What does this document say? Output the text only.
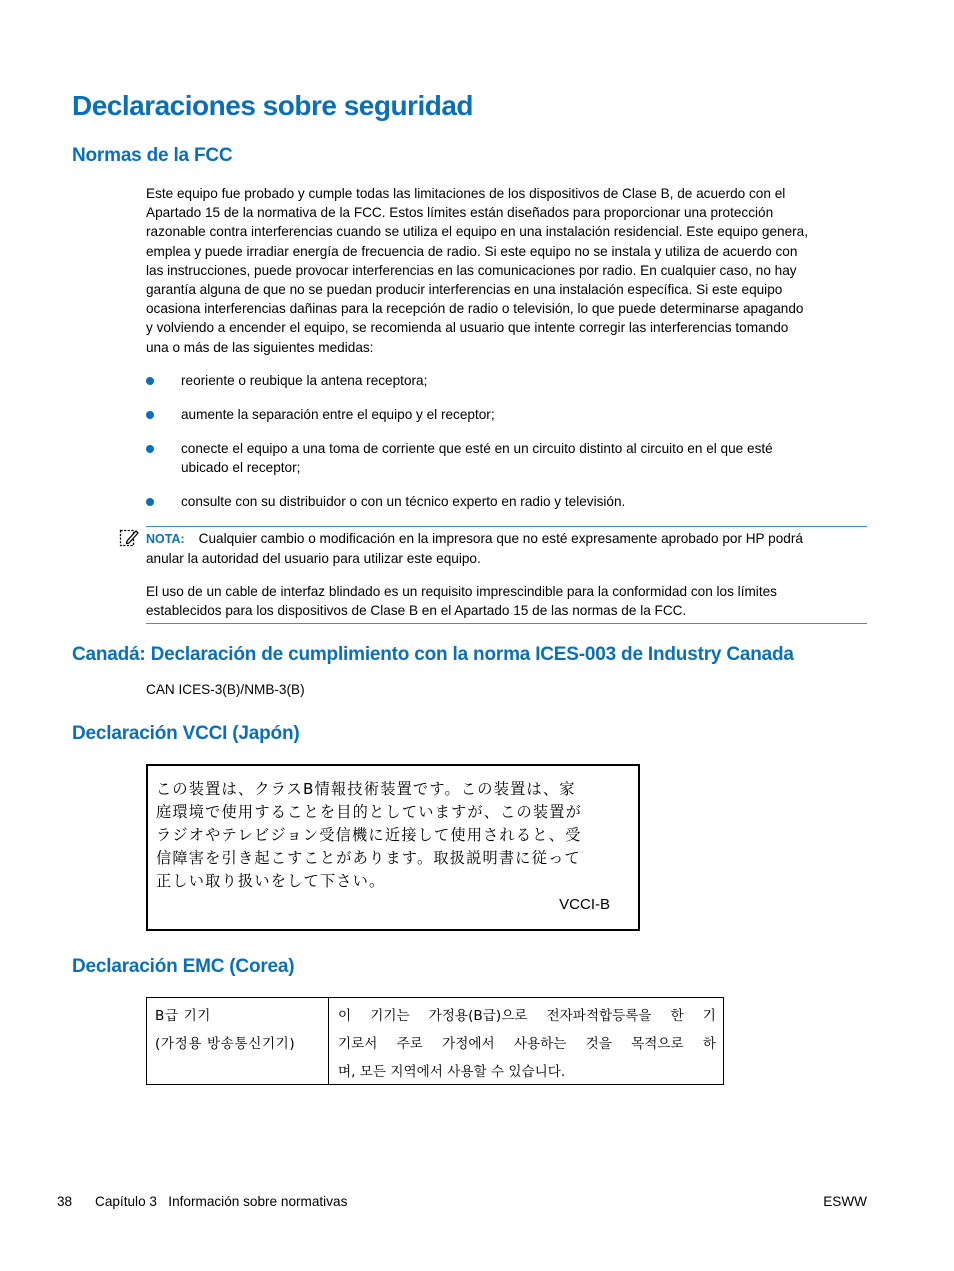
Declaraciones sobre seguridad
Normas de la FCC
Este equipo fue probado y cumple todas las limitaciones de los dispositivos de Clase B, de acuerdo con el
Apartado 15 de la normativa de la FCC. Estos límites están diseñados para proporcionar una protección
razonable contra interferencias cuando se utiliza el equipo en una instalación residencial. Este equipo genera,
emplea y puede irradiar energía de frecuencia de radio. Si este equipo no se instala y utiliza de acuerdo con
las instrucciones, puede provocar interferencias en las comunicaciones por radio. En cualquier caso, no hay
garantía alguna de que no se puedan producir interferencias en una instalación específica. Si este equipo
ocasiona interferencias dañinas para la recepción de radio o televisión, lo que puede determinarse apagando
y volviendo a encender el equipo, se recomienda al usuario que intente corregir las interferencias tomando
una o más de las siguientes medidas:
reoriente o reubique la antena receptora;
aumente la separación entre el equipo y el receptor;
conecte el equipo a una toma de corriente que esté en un circuito distinto al circuito en el que esté
ubicado el receptor;
consulte con su distribuidor o con un técnico experto en radio y televisión.
NOTA: Cualquier cambio o modificación en la impresora que no esté expresamente aprobado por HP podrá
anular la autoridad del usuario para utilizar este equipo.
El uso de un cable de interfaz blindado es un requisito imprescindible para la conformidad con los límites
establecidos para los dispositivos de Clase B en el Apartado 15 de las normas de la FCC.
Canadá: Declaración de cumplimiento con la norma ICES-003 de Industry Canada
CAN ICES-3(B)/NMB-3(B)
Declaración VCCI (Japón)
この装置は、クラスB情報技術装置です。この装置は、家
庭環境で使用することを目的としていますが、この装置が
ラジオやテレビジョン受信機に近接して使用されると、受
信障害を引き起こすことがあります。取扱説明書に従って
正しい取り扱いをして下さい。
VCCI-B
Declaración EMC (Corea)
B급 기기
(가정용 방송통신기기)
이 기기는 가정용(B급)으로 전자파적합등록을 한 기
기로서 주로 가정에서 사용하는 것을 목적으로 하
며, 모든 지역에서 사용할 수 있습니다.
38 Capítulo 3   Información sobre normativas	ESWW
